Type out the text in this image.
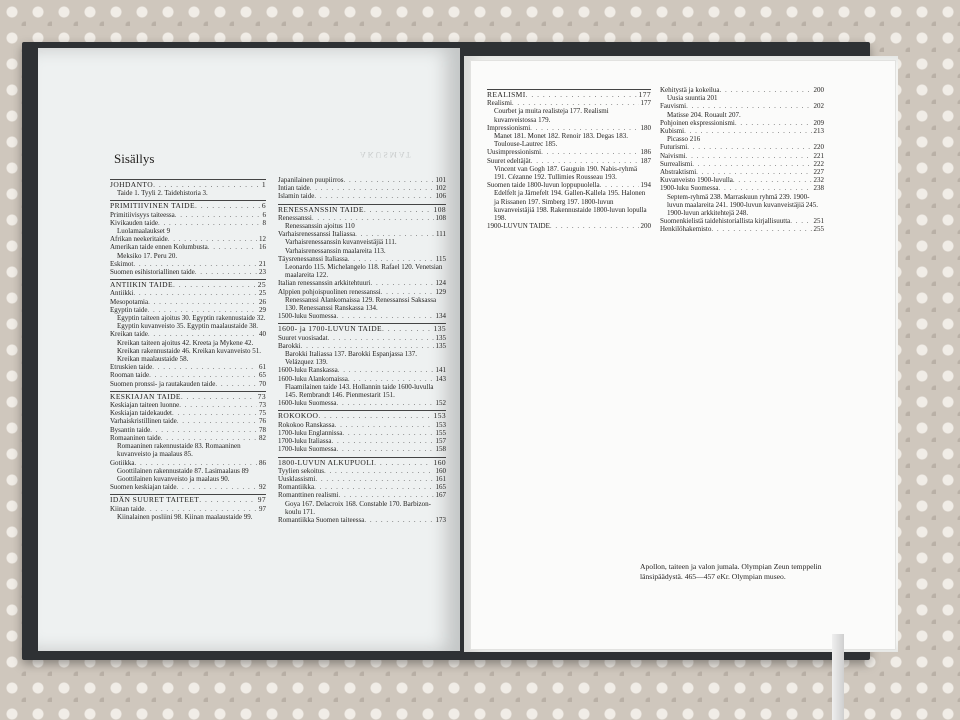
AKUSMAT
Sisällys
JOHDANTO . . .	1
Taide 1. Tyyli 2. Taidehistoria 3.
PRIMITIIVINEN TAIDE . . .	6
Primitiivisyys taiteessa . . .	6
Kivikauden taide . . .	8
Luolamaalaukset 9
Afrikan neekeritaide . . .	12
Amerikan taide ennen Kolumbusta . . .	16
Meksiko 17. Peru 20.
Eskimot . . .	21
Suomen esihistoriallinen taide . . .	23
ANTIIKIN TAIDE . . .	25
Antiikki . . .	25
Mesopotamia . . .	26
Egyptin taide . . .	29
Egyptin taiteen ajoitus 30. Egyptin rakennustaide 32. Egyptin kuvanveisto 35. Egyptin maalaustaide 38.
Kreikan taide . . .	40
Kreikan taiteen ajoitus 42. Kreeta ja Mykene 42. Kreikan rakennustaide 46. Kreikan kuvanveisto 51. Kreikan maalaustaide 58.
Etruskien taide . . .	61
Rooman taide . . .	65
Suomen pronssi- ja rautakauden taide . . .	70
KESKIAJAN TAIDE . . .	73
Keskiajan taiteen luonne . . .	73
Keskiajan taidekaudet . . .	75
Varhaiskristillinen taide . . .	76
Bysantin taide . . .	78
Romaaninen taide . . .	82
Romaaninen rakennustaide 83. Romaaninen kuvanveisto ja maalaus 85.
Gotiikka . . .	86
Goottilainen rakennustaide 87. Lasimaalaus 89 Goottilainen kuvanveisto ja maalaus 90.
Suomen keskiajan taide . . .	92
IDÄN SUURET TAITEET . . .	97
Kiinan taide . . .	97
Kiinalainen posliini 98. Kiinan maalaustaide 99.
Japanilainen puupiirros . . .	101
Intian taide . . .	102
Islamin taide . . .	106
RENESSANSSIN TAIDE . . .	108
Renessanssi . . .	108
Renessanssin ajoitus 110
Varhaisrenessanssi Italiassa . . .	111
Varhaisrenessanssin kuvanveistäjiä 111. Varhaisrenessanssin maalareita 113.
Täysrenessanssi Italiassa . . .	115
Leonardo 115. Michelangelo 118. Rafael 120. Venetsian maalareita 122.
Italian renessanssin arkkitehtuuri . . .	124
Alppien pohjoispuolinen renessanssi . . .	129
Renessanssi Alankomaissa 129. Renessanssi Saksassa 130. Renessanssi Ranskassa 134.
1500-luku Suomessa . . .	134
1600- ja 1700-LUVUN TAIDE . . .	135
Suuret vuosisadat . . .	135
Barokki . . .	135
Barokki Italiassa 137. Barokki Espanjassa 137. Velázquez 139.
1600-luku Ranskassa . . .	141
1600-luku Alankomaissa . . .	143
Flaamilainen taide 143. Hollannin taide 1600-luvulla 145. Rembrandt 146. Pienmestarit 151.
1600-luku Suomessa . . .	152
ROKOKOO . . .	153
Rokokoo Ranskassa . . .	153
1700-luku Englannissa . . .	155
1700-luku Italiassa . . .	157
1700-luku Suomessa . . .	158
1800-LUVUN ALKUPUOLI . . .	160
Tyylien sekoitus . . .	160
Uusklassismi . . .	161
Romantiikka . . .	165
Romanttinen realismi . . .	167
Goya 167. Delacroix 168. Constable 170. Barbizon-koulu 171.
Romantiikka Suomen taiteessa . . .	173
REALISMI . . .	177
Realismi . . .	177
Courbet ja muita realisteja 177. Realismi kuvanveistossa 179.
Impressionismi . . .	180
Manet 181. Monet 182. Renoir 183. Degas 183. Toulouse-Lautrec 185.
Uusimpressionismi . . .	186
Suuret edeltäjät . . .	187
Vincent van Gogh 187. Gauguin 190. Nabis-ryhmä 191. Cézanne 192. Tullimies Rousseau 193.
Suomen taide 1800-luvun loppupuolella . . .	194
Edelfelt ja Järnefelt 194. Gallen-Kallela 195. Halonen ja Rissanen 197. Simberg 197. 1800-luvun kuvanveistäjiä 198. Rakennustaide 1800-luvun lopulla 198.
1900-LUVUN TAIDE . . .	200
Kehitystä ja kokeilua . . .	200
Uusia suuntia 201
Fauvismi . . .	202
Matisse 204. Rouault 207.
Pohjoinen ekspressionismi . . .	209
Kubismi . . .	213
Picasso 216
Futurismi . . .	220
Naivismi . . .	221
Surrealismi . . .	222
Abstraktismi . . .	227
Kuvanveisto 1900-luvulla . . .	232
1900-luku Suomessa . . .	238
Septem-ryhmä 238. Marraskuun ryhmä 239. 1900-luvun maalareita 241. 1900-luvun kuvanveistäjiä 245. 1900-luvun arkkitehtejä 248.
Suomenkielistä taidehistoriallista kirjallisuutta . . .	251
Henkilöhakemisto . . .	255
Apollon, taiteen ja valon jumala. Olympian Zeun temppelin länsipäädystä. 465—457 eKr. Olympian museo.
